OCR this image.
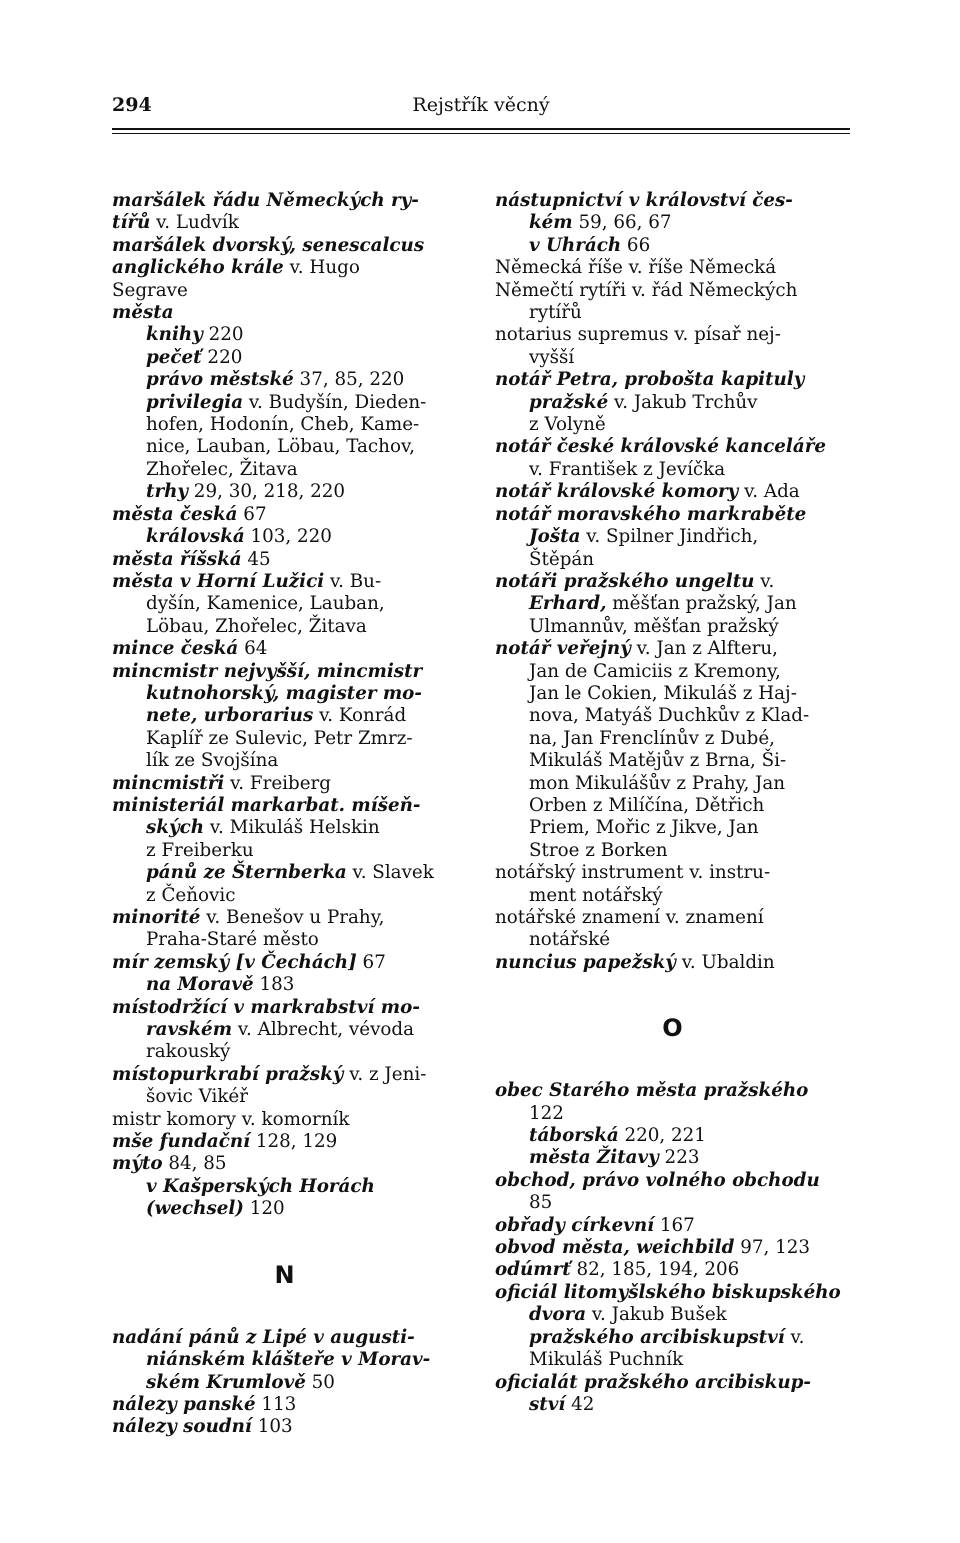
294	Rejstřík věcný
maršálek řádu Německých ry-
tířů v. Ludvík
maršálek dvorský, senescalcus
anglického krále v. Hugo
Segrave
města
knihy 220
pečeť 220
právo městské 37, 85, 220
privilegia v. Budyšín, Dieden-
hofen, Hodonín, Cheb, Kame-
nice, Lauban, Löbau, Tachov,
Zhořelec, Žitava
trhy 29, 30, 218, 220
města česká 67
královská 103, 220
města říšská 45
města v Horní Lužici v. Bu-
dyšín, Kamenice, Lauban,
Löbau, Zhořelec, Žitava
mince česká 64
mincmistr nejvyšší, mincmistr
kutnohorský, magister mo-
nete, urborarius v. Konrád
Kaplíř ze Sulevic, Petr Zmrz-
lík ze Svojšína
mincmistři v. Freiberg
ministeriál markarbat. míšeň-
ských v. Mikuláš Helskin
z Freiberku
pánů ze Šternberka v. Slavek
z Čeňovic
minorité v. Benešov u Prahy,
Praha-Staré město
mír zemský [v Čechách] 67
na Moravě 183
místodržící v markrabství mo-
ravském v. Albrecht, vévoda
rakouský
místopurkrabí pražský v. z Jeni-
šovic Vikéř
mistr komory v. komorník
mše fundační 128, 129
mýto 84, 85
v Kašperských Horách
(wechsel) 120
N
nadání pánů z Lipé v augusti-
niánském klášteře v Morav-
ském Krumlově 50
nálezy panské 113
nálezy soudní 103
nástupnictví v království čes-
kém 59, 66, 67
v Uhrách 66
Německá říše v. říše Německá
Němečtí rytíři v. řád Německých
rytířů
notarius supremus v. písař nej-
vyšší
notář Petra, probošta kapituly
pražské v. Jakub Trchův
z Volyně
notář české královské kanceláře
v. František z Jevíčka
notář královské komory v. Ada
notář moravského markraběte
Jošta v. Spilner Jindřich,
Štěpán
notáři pražského ungeltu v.
Erhard, měšťan pražský, Jan
Ulmannův, měšťan pražský
notář veřejný v. Jan z Alfteru,
Jan de Camiciis z Kremony,
Jan le Cokien, Mikuláš z Haj-
nova, Matyáš Duchkův z Klad-
na, Jan Frenclínův z Dubé,
Mikuláš Matějův z Brna, Ši-
mon Mikulášův z Prahy, Jan
Orben z Milíčína, Dětřich
Priem, Mořic z Jikve, Jan
Stroe z Borken
notářský instrument v. instru-
ment notářský
notářské znamení v. znamení
notářské
nuncius papežský v. Ubaldin
O
obec Starého města pražského
122
táborská 220, 221
města Žitavy 223
obchod, právo volného obchodu
85
obřady církevní 167
obvod města, weichbild 97, 123
odúmrť 82, 185, 194, 206
oficiál litomyšlského biskupského
dvora v. Jakub Bušek
pražského arcibiskupství v.
Mikuláš Puchník
oficialát pražského arcibiskup-
ství 42
